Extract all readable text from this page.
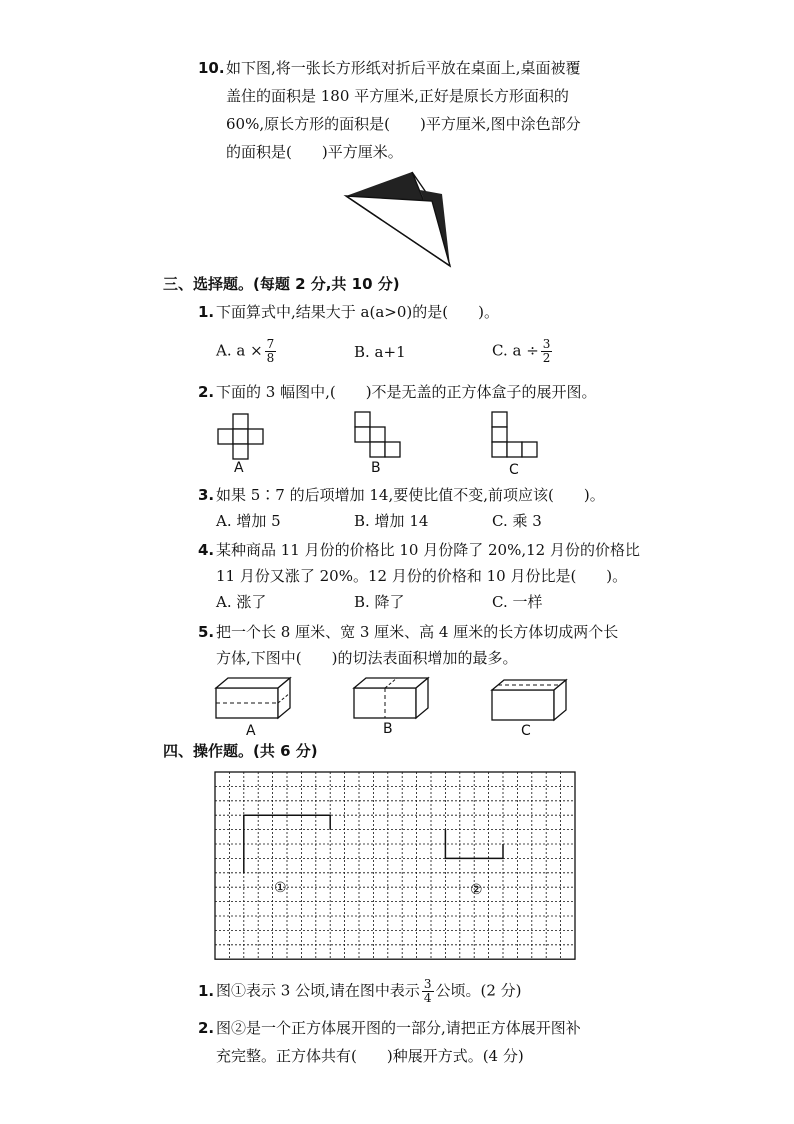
10. 如下图,将一张长方形纸对折后平放在桌面上,桌面被覆
盖住的面积是 180 平方厘米,正好是原长方形面积的
60%,原长方形的面积是(　　)平方厘米,图中涂色部分
的面积是(　　)平方厘米。
三、选择题。(每题 2 分,共 10 分)
1. 下面算式中,结果大于 a(a>0)的是(　　)。
A. $a \times \frac{7}{8}$	B. a+1	C. $a \div \frac{3}{2}$
2. 下面的 3 幅图中,(　　)不是无盖的正方体盒子的展开图。
A	B	C
3. 如果 5∶7 的后项增加 14,要使比值不变,前项应该(　　)。
A. 增加 5	B. 增加 14	C. 乘 3
4. 某种商品 11 月份的价格比 10 月份降了 20%,12 月份的价格比
11 月份又涨了 20%。12 月份的价格和 10 月份比是(　　)。
A. 涨了	B. 降了	C. 一样
5. 把一个长 8 厘米、宽 3 厘米、高 4 厘米的长方体切成两个长
方体,下图中(　　)的切法表面积增加的最多。
A	B	C
四、操作题。(共 6 分)
①	②
1. 图①表示 3 公顷,请在图中表示 $\frac{3}{4}$ 公顷。(2 分)
2. 图②是一个正方体展开图的一部分,请把正方体展开图补
充完整。正方体共有(　　)种展开方式。(4 分)
